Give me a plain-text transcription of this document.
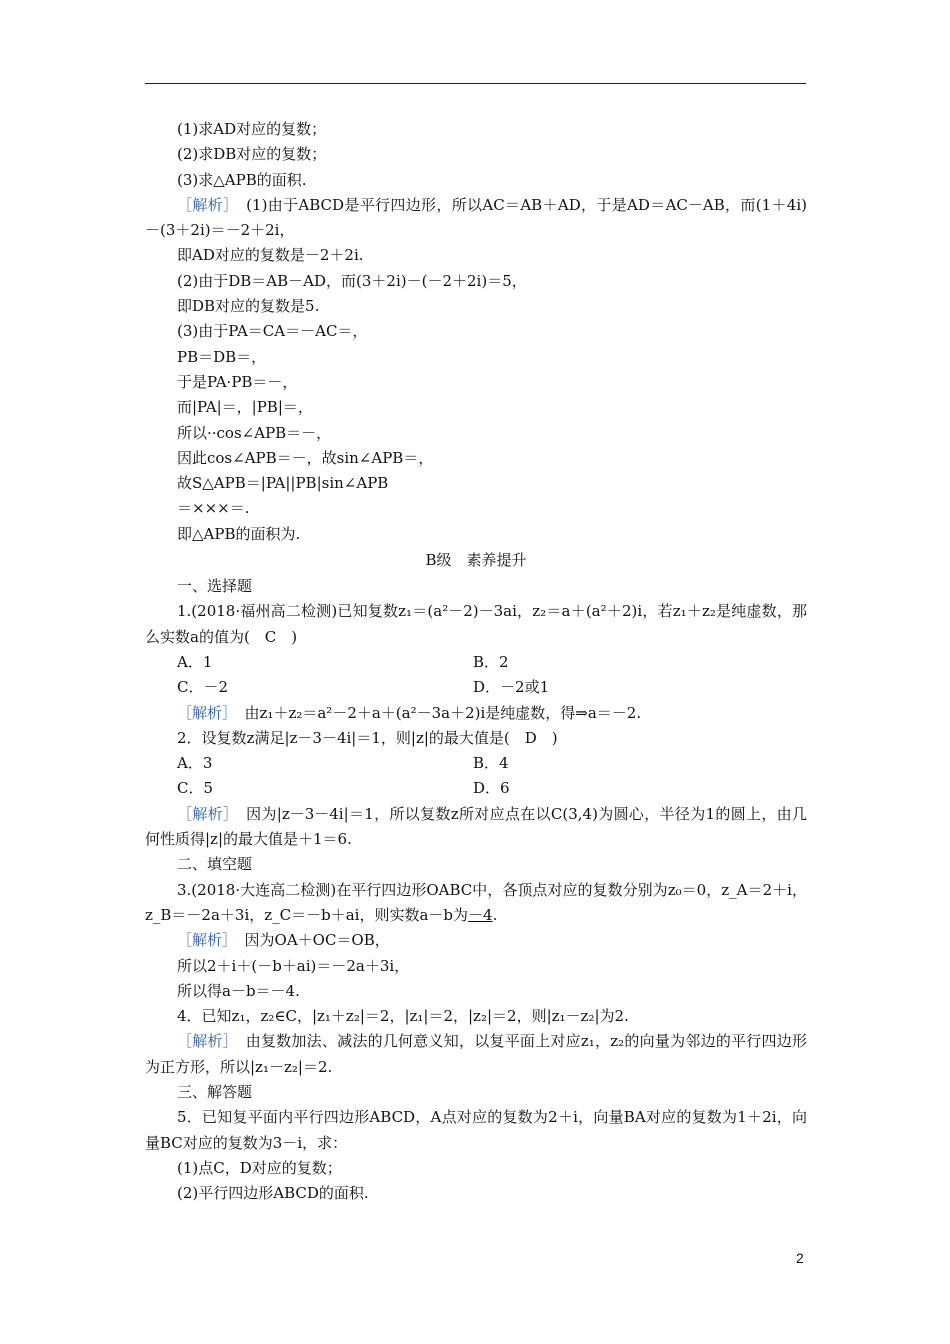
(1)求AD对应的复数；
(2)求DB对应的复数；
(3)求△APB的面积.
［解析］　 (1)由于ABCD是平行四边形，所以AC＝AB＋AD，于是AD＝AC－AB，而(1＋4i)－(3＋2i)＝－2＋2i，
即AD对应的复数是－2＋2i.
(2)由于DB＝AB－AD，而(3＋2i)－(－2＋2i)＝5，
即DB对应的复数是5.
(3)由于PA＝CA＝－AC＝，
PB＝DB＝，
于是PA·PB＝－，
而|PA|＝，|PB|＝，
所以··cos∠APB＝－，
因此cos∠APB＝－，故sin∠APB＝，
故S△APB＝|PA||PB|sin∠APB
＝×××＝.
即△APB的面积为.
B级　素养提升
一、选择题
1.(2018·福州高二检测)已知复数z₁＝(a²－2)－3ai，z₂＝a＋(a²＋2)i，若z₁＋z₂是纯虚数，那么实数a的值为(　C　)
A．1	B．2
C．－2	D．－2或1
［解析］　 由z₁＋z₂＝a²－2＋a＋(a²－3a＋2)i是纯虚数，得⇒a＝－2.
2．设复数z满足|z－3－4i|＝1，则|z|的最大值是(　D　)
A．3	B．4
C．5	D．6
［解析］　 因为|z－3－4i|＝1，所以复数z所对应点在以C(3,4)为圆心，半径为1的圆上，由几何性质得|z|的最大值是＋1＝6.
二、填空题
3.(2018·大连高二检测)在平行四边形OABC中，各顶点对应的复数分别为z₀＝0，z_A＝2＋i，z_B＝－2a＋3i，z_C＝－b＋ai，则实数a－b为－4.
［解析］　 因为OA＋OC＝OB，
所以2＋i＋(－b＋ai)＝－2a＋3i，
所以得a－b＝－4.
4．已知z₁，z₂∈C，|z₁＋z₂|＝2，|z₁|＝2，|z₂|＝2，则|z₁－z₂|为2.
［解析］　 由复数加法、减法的几何意义知，以复平面上对应z₁，z₂的向量为邻边的平行四边形为正方形，所以|z₁－z₂|＝2.
三、解答题
5．已知复平面内平行四边形ABCD，A点对应的复数为2＋i，向量BA对应的复数为1＋2i，向量BC对应的复数为3－i，求：
(1)点C，D对应的复数；
(2)平行四边形ABCD的面积.
2
